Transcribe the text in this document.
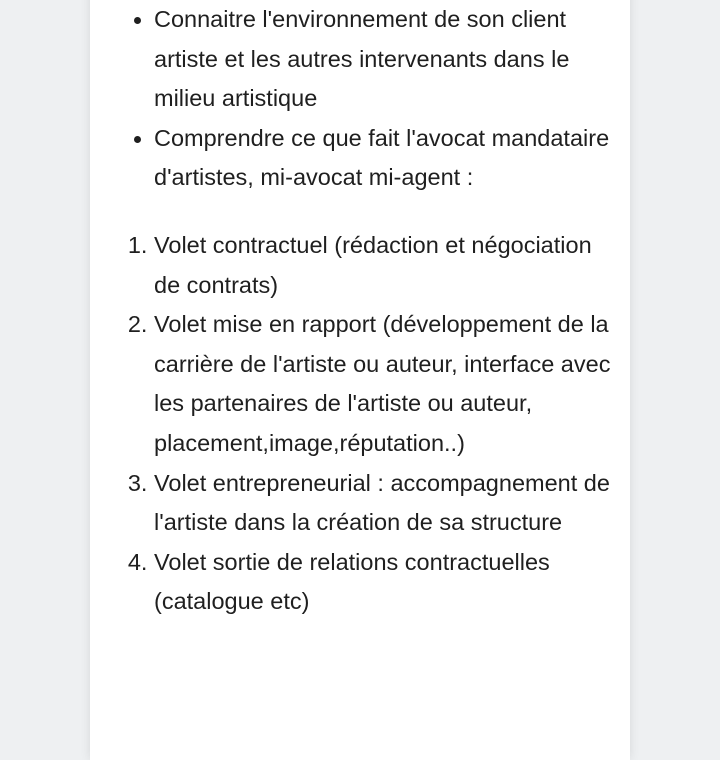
• Connaitre l'environnement de son client artiste et les autres intervenants dans le milieu artistique
• Comprendre ce que fait l'avocat mandataire d'artistes, mi-avocat mi-agent :
1. Volet contractuel (rédaction et négociation de contrats)
2. Volet mise en rapport (développement de la carrière de l'artiste ou auteur, interface avec les partenaires de l'artiste ou auteur, placement,image,réputation..)
3. Volet entrepreneurial : accompagnement de l'artiste dans la création de sa structure
4. Volet sortie de relations contractuelles (catalogue etc)
